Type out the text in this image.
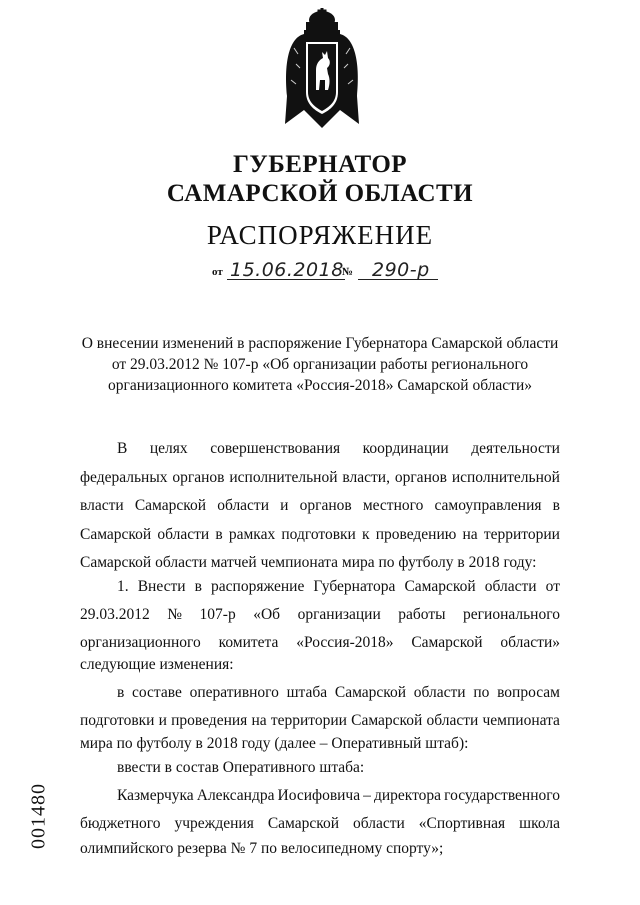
ГУБЕРНАТОР
САМАРСКОЙ ОБЛАСТИ
РАСПОРЯЖЕНИЕ
от 15.06.2018
№ 290-р
О внесении изменений в распоряжение Губернатора Самарской области
от 29.03.2012 № 107-р «Об организации работы регионального
организационного комитета «Россия-2018» Самарской области»
В целях совершенствования координации деятельности
федеральных органов исполнительной власти, органов исполнительной
власти Самарской области и органов местного самоуправления в
Самарской области в рамках подготовки к проведению на территории
Самарской области матчей чемпионата мира по футболу в 2018 году:
1. Внести в распоряжение Губернатора Самарской области от
29.03.2012 № 107-р «Об организации работы регионального
организационного комитета «Россия-2018» Самарской области»
следующие изменения:
в составе оперативного штаба Самарской области по вопросам
подготовки и проведения на территории Самарской области чемпионата
мира по футболу в 2018 году (далее – Оперативный штаб):
ввести в состав Оперативного штаба:
Казмерчука Александра Иосифовича – директора государственного
бюджетного учреждения Самарской области «Спортивная школа
олимпийского резерва № 7 по велосипедному спорту»;
001480
